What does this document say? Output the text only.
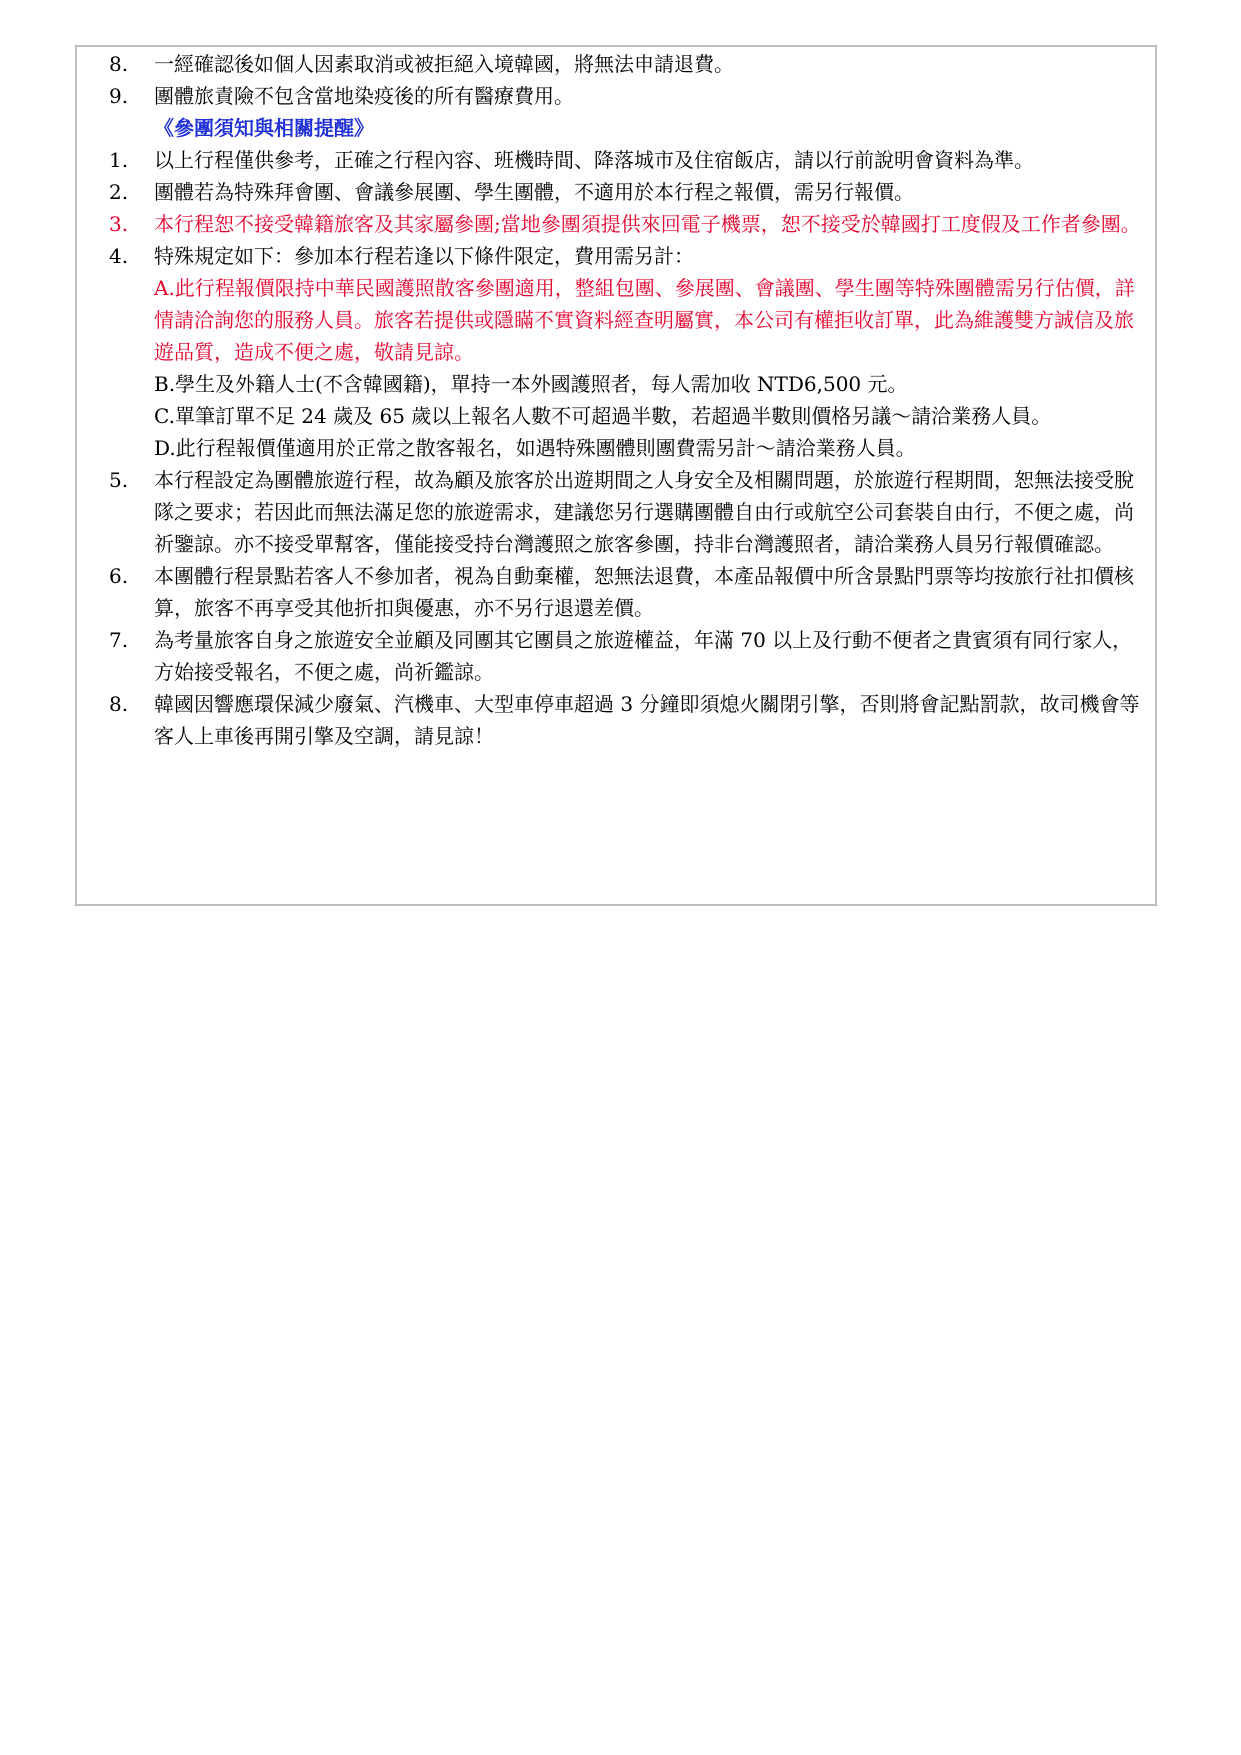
8. 一經確認後如個人因素取消或被拒絕入境韓國，將無法申請退費。

9. 團體旅責險不包含當地染疫後的所有醫療費用。

《參團須知與相關提醒》

1. 以上行程僅供參考，正確之行程內容、班機時間、降落城市及住宿飯店，請以行前說明會資料為準。

2. 團體若為特殊拜會團、會議參展團、學生團體，不適用於本行程之報價，需另行報價。

3. 本行程恕不接受韓籍旅客及其家屬參團;當地參團須提供來回電子機票，恕不接受於韓國打工度假及工作者參團。

4. 特殊規定如下：參加本行程若逢以下條件限定，費用需另計：

A.此行程報價限持中華民國護照散客參團適用，整組包團、參展團、會議團、學生團等特殊團體需另行估價，詳情請洽詢您的服務人員。旅客若提供或隱瞞不實資料經查明屬實，本公司有權拒收訂單，此為維護雙方誠信及旅遊品質，造成不便之處，敬請見諒。

B.學生及外籍人士(不含韓國籍)，單持一本外國護照者，每人需加收 NTD6,500 元。

C.單筆訂單不足 24 歲及 65 歲以上報名人數不可超過半數，若超過半數則價格另議～請洽業務人員。

D.此行程報價僅適用於正常之散客報名，如遇特殊團體則團費需另計～請洽業務人員。

5. 本行程設定為團體旅遊行程，故為顧及旅客於出遊期間之人身安全及相關問題，於旅遊行程期間，恕無法接受脫隊之要求；若因此而無法滿足您的旅遊需求，建議您另行選購團體自由行或航空公司套裝自由行，不便之處，尚祈鑒諒。亦不接受單幫客，僅能接受持台灣護照之旅客參團，持非台灣護照者，請洽業務人員另行報價確認。

6. 本團體行程景點若客人不參加者，視為自動棄權，恕無法退費，本產品報價中所含景點門票等均按旅行社扣價核算，旅客不再享受其他折扣與優惠，亦不另行退還差價。

7. 為考量旅客自身之旅遊安全並顧及同團其它團員之旅遊權益，年滿 70 以上及行動不便者之貴賓須有同行家人，方始接受報名，不便之處，尚祈鑑諒。

8. 韓國因響應環保減少廢氣、汽機車、大型車停車超過 3 分鐘即須熄火關閉引擎，否則將會記點罰款，故司機會等客人上車後再開引擎及空調，請見諒！
